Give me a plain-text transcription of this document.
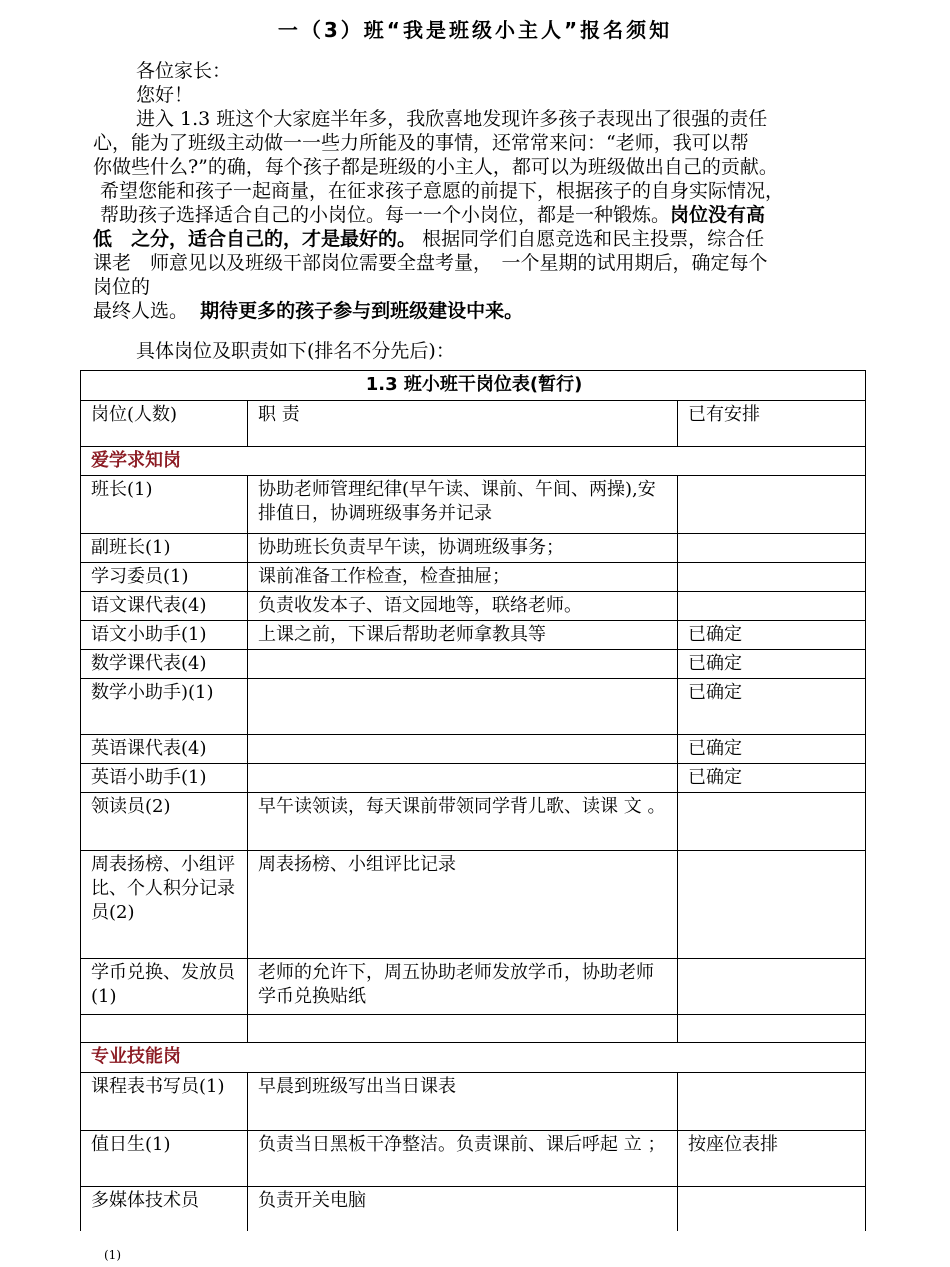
一（3）班“我是班级小主人”报名须知
各位家长：
您好！
进入 1.3 班这个大家庭半年多，我欣喜地发现许多孩子表现出了很强的责任
心，能为了班级主动做一一些力所能及的事情，还常常来问：“老师，我可以帮
你做些什么?”的确，每个孩子都是班级的小主人，都可以为班级做出自己的贡献。
希望您能和孩子一起商量，在征求孩子意愿的前提下，根据孩子的自身实际情况，
帮助孩子选择适合自己的小岗位。每一一个小岗位，都是一种锻炼。岗位没有高
低　之分，适合自己的，才是最好的。 根据同学们自愿竞选和民主投票，综合任
课老　师意见以及班级干部岗位需要全盘考量，　一个星期的试用期后，确定每个
岗位的
最终人选。 期待更多的孩子参与到班级建设中来。
具体岗位及职责如下(排名不分先后)：
1.3 班小班干岗位表(暂行)		
岗位(人数)	职 责	已有安排
爱学求知岗		
班长(1)	协助老师管理纪律(早午读、课前、午间、两操),安排值日，协调班级事务并记录	
副班长(1)	协助班长负责早午读，协调班级事务；	
学习委员(1)	课前准备工作检查，检查抽屉；	
语文课代表(4)	负责收发本子、语文园地等，联络老师。	
语文小助手(1)	上课之前，下课后帮助老师拿教具等	已确定
数学课代表(4)		已确定
数学小助手)(1)		已确定
英语课代表(4)		已确定
英语小助手(1)		已确定
领读员(2)	早午读领读，每天课前带领同学背儿歌、读课 文 。	
周表扬榜、小组评比、个人积分记录员(2)	周表扬榜、小组评比记录	
学币兑换、发放员(1)	老师的允许下，周五协助老师发放学币，协助老师学币兑换贴纸	

专业技能岗		
课程表书写员(1)	早晨到班级写出当日课表	
值日生(1)	负责当日黑板干净整洁。负责课前、课后呼起 立 ；	按座位表排
多媒体技术员	负责开关电脑	
(1)
